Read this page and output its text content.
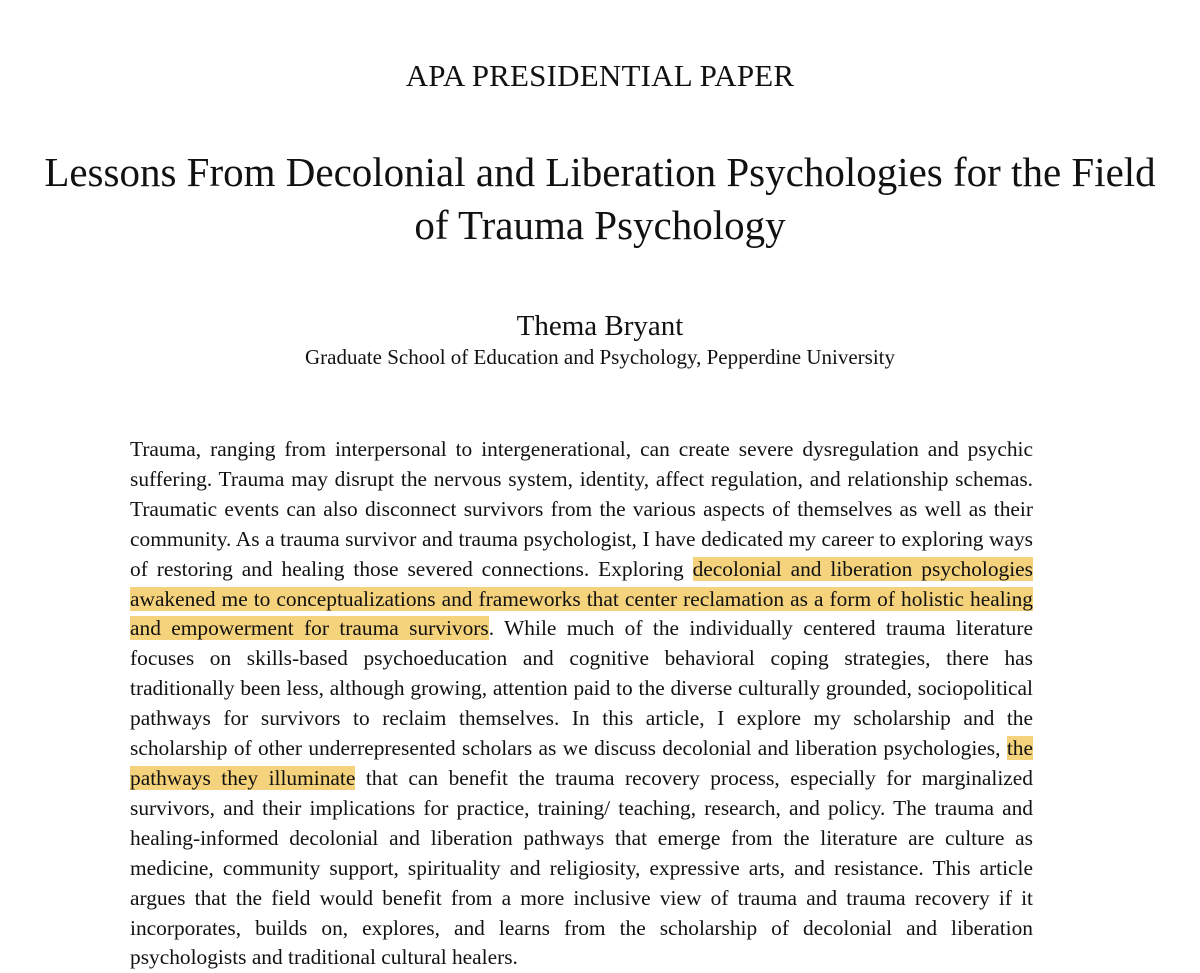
APA PRESIDENTIAL PAPER
Lessons From Decolonial and Liberation Psychologies for the Field of Trauma Psychology
Thema Bryant
Graduate School of Education and Psychology, Pepperdine University
Trauma, ranging from interpersonal to intergenerational, can create severe dysregulation and psychic suffering. Trauma may disrupt the nervous system, identity, affect regulation, and relationship schemas. Traumatic events can also disconnect survivors from the various aspects of themselves as well as their community. As a trauma survivor and trauma psychologist, I have dedicated my career to exploring ways of restoring and healing those severed connections. Exploring decolonial and liberation psychologies awakened me to conceptualizations and frameworks that center reclamation as a form of holistic healing and empowerment for trauma survivors. While much of the individually centered trauma literature focuses on skills-based psychoeducation and cognitive behavioral coping strategies, there has traditionally been less, although growing, attention paid to the diverse culturally grounded, sociopolitical pathways for survivors to reclaim themselves. In this article, I explore my scholarship and the scholarship of other underrepresented scholars as we discuss decolonial and liberation psychologies, the pathways they illuminate that can benefit the trauma recovery process, especially for marginalized survivors, and their implications for practice, training/ teaching, research, and policy. The trauma and healing-informed decolonial and liberation pathways that emerge from the literature are culture as medicine, community support, spirituality and religiosity, expressive arts, and resistance. This article argues that the field would benefit from a more inclusive view of trauma and trauma recovery if it incorporates, builds on, explores, and learns from the scholarship of decolonial and liberation psychologists and traditional cultural healers.
